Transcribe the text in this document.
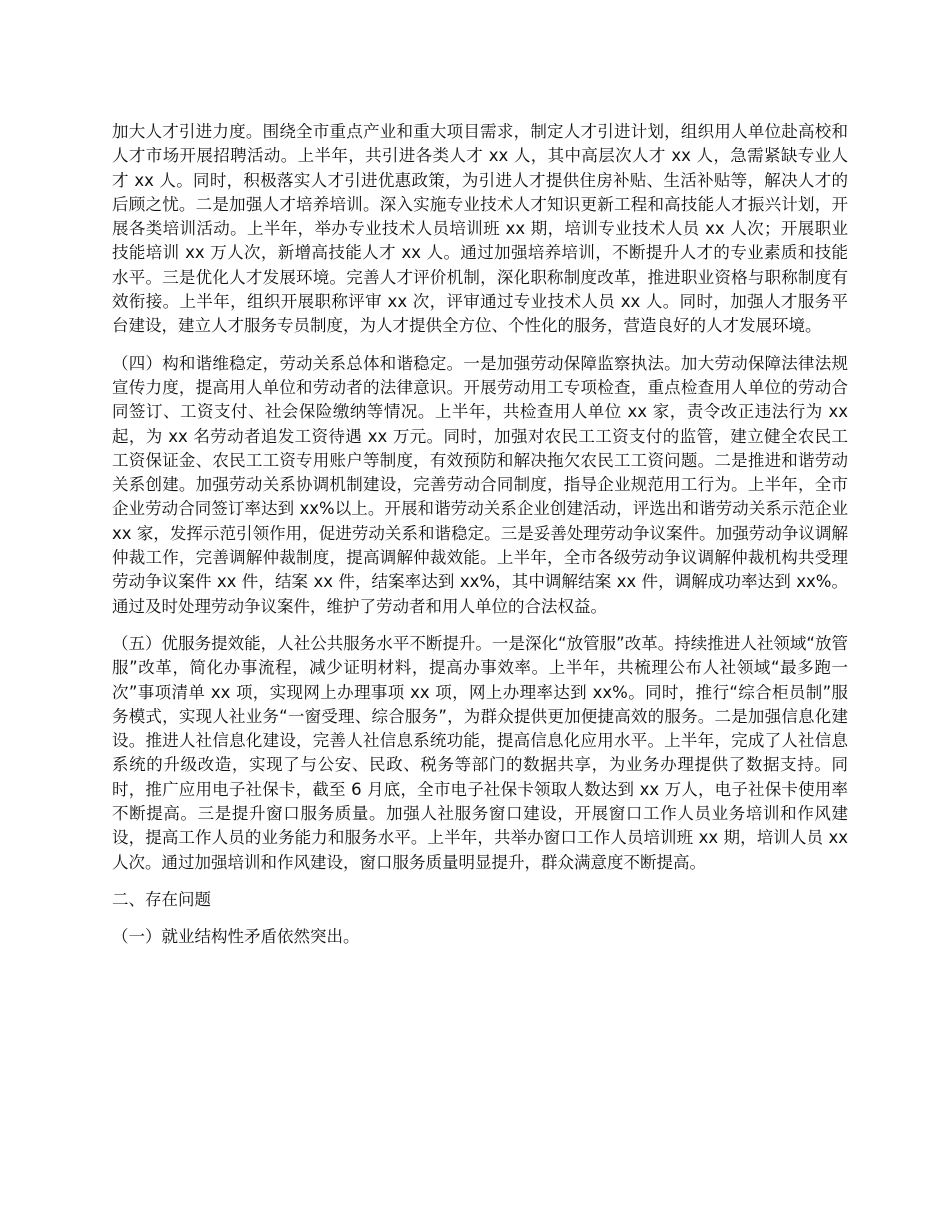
加大人才引进力度。围绕全市重点产业和重大项目需求，制定人才引进计划，组织用人单位赴高校和人才市场开展招聘活动。上半年，共引进各类人才 xx 人，其中高层次人才 xx 人，急需紧缺专业人才 xx 人。同时，积极落实人才引进优惠政策，为引进人才提供住房补贴、生活补贴等，解决人才的后顾之忧。二是加强人才培养培训。深入实施专业技术人才知识更新工程和高技能人才振兴计划，开展各类培训活动。上半年，举办专业技术人员培训班 xx 期，培训专业技术人员 xx 人次；开展职业技能培训 xx 万人次，新增高技能人才 xx 人。通过加强培养培训，不断提升人才的专业素质和技能水平。三是优化人才发展环境。完善人才评价机制，深化职称制度改革，推进职业资格与职称制度有效衔接。上半年，组织开展职称评审 xx 次，评审通过专业技术人员 xx 人。同时，加强人才服务平台建设，建立人才服务专员制度，为人才提供全方位、个性化的服务，营造良好的人才发展环境。

（四）构和谐维稳定，劳动关系总体和谐稳定。一是加强劳动保障监察执法。加大劳动保障法律法规宣传力度，提高用人单位和劳动者的法律意识。开展劳动用工专项检查，重点检查用人单位的劳动合同签订、工资支付、社会保险缴纳等情况。上半年，共检查用人单位 xx 家，责令改正违法行为 xx 起，为 xx 名劳动者追发工资待遇 xx 万元。同时，加强对农民工工资支付的监管，建立健全农民工工资保证金、农民工工资专用账户等制度，有效预防和解决拖欠农民工工资问题。二是推进和谐劳动关系创建。加强劳动关系协调机制建设，完善劳动合同制度，指导企业规范用工行为。上半年，全市企业劳动合同签订率达到 xx%以上。开展和谐劳动关系企业创建活动，评选出和谐劳动关系示范企业 xx 家，发挥示范引领作用，促进劳动关系和谐稳定。三是妥善处理劳动争议案件。加强劳动争议调解仲裁工作，完善调解仲裁制度，提高调解仲裁效能。上半年，全市各级劳动争议调解仲裁机构共受理劳动争议案件 xx 件，结案 xx 件，结案率达到 xx%，其中调解结案 xx 件，调解成功率达到 xx%。通过及时处理劳动争议案件，维护了劳动者和用人单位的合法权益。

（五）优服务提效能，人社公共服务水平不断提升。一是深化“放管服”改革。持续推进人社领域“放管服”改革，简化办事流程，减少证明材料，提高办事效率。上半年，共梳理公布人社领域“最多跑一次”事项清单 xx 项，实现网上办理事项 xx 项，网上办理率达到 xx%。同时，推行“综合柜员制”服务模式，实现人社业务“一窗受理、综合服务”，为群众提供更加便捷高效的服务。二是加强信息化建设。推进人社信息化建设，完善人社信息系统功能，提高信息化应用水平。上半年，完成了人社信息系统的升级改造，实现了与公安、民政、税务等部门的数据共享，为业务办理提供了数据支持。同时，推广应用电子社保卡，截至 6 月底，全市电子社保卡领取人数达到 xx 万人，电子社保卡使用率不断提高。三是提升窗口服务质量。加强人社服务窗口建设，开展窗口工作人员业务培训和作风建设，提高工作人员的业务能力和服务水平。上半年，共举办窗口工作人员培训班 xx 期，培训人员 xx 人次。通过加强培训和作风建设，窗口服务质量明显提升，群众满意度不断提高。

二、存在问题

（一）就业结构性矛盾依然突出。
